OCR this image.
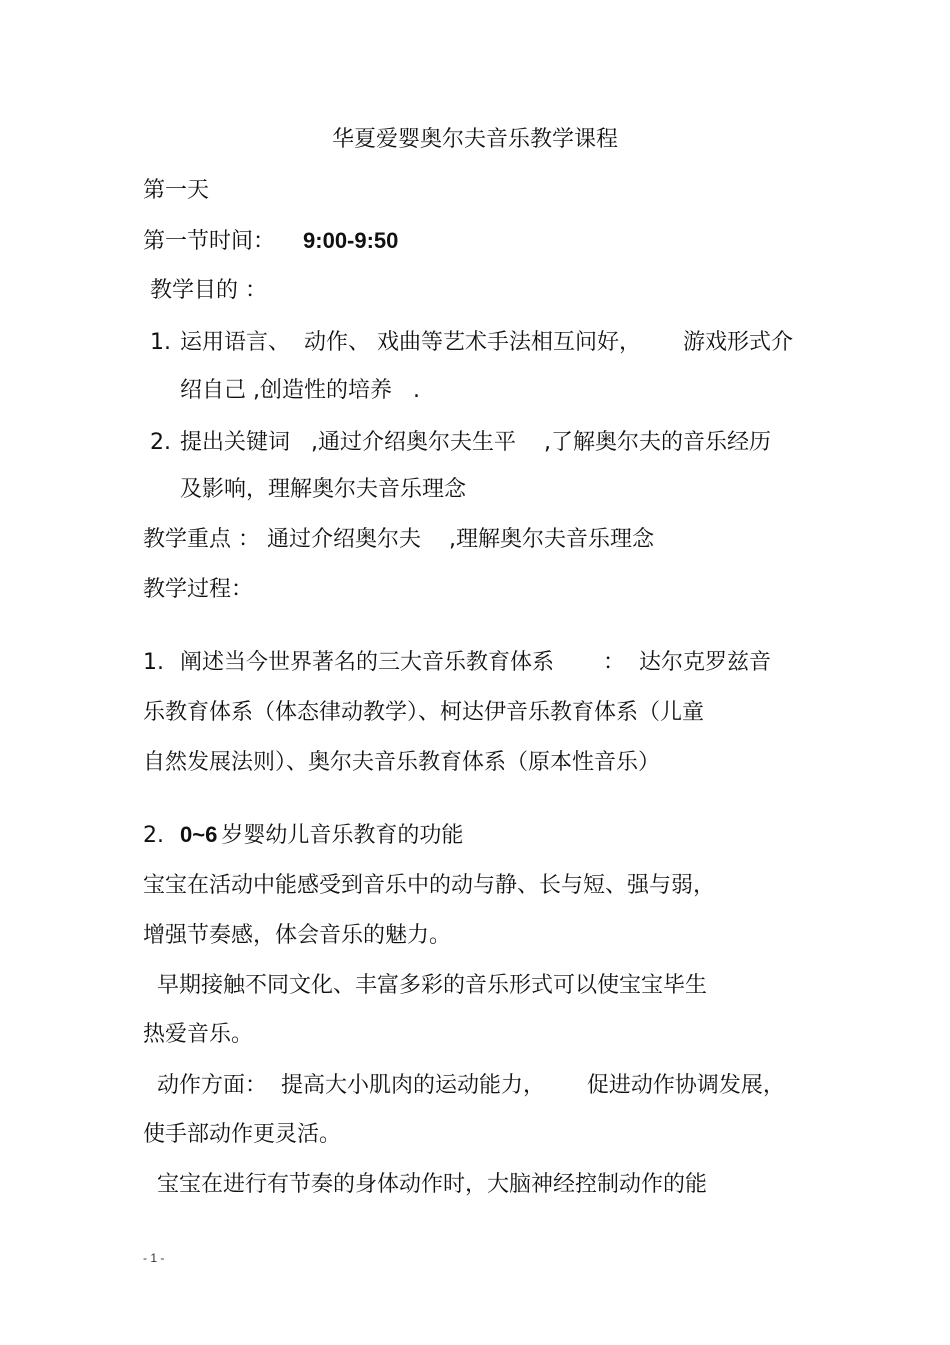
华夏爱婴奥尔夫音乐教学课程
第一天
第一节时间： 9:00-9:50
教学目的 ：
1. 运用语言、  动作、 戏曲等艺术手法相互问好，      游戏形式介
绍自己 ,创造性的培养   .
2. 提出关键词   ,通过介绍奥尔夫生平    ,了解奥尔夫的音乐经历
及影响，理解奥尔夫音乐理念
教学重点 ： 通过介绍奥尔夫    ,理解奥尔夫音乐理念
教学过程：
1. 阐述当今世界著名的三大音乐教育体系       ：  达尔克罗兹音
乐教育体系（体态律动教学）、柯达伊音乐教育体系（儿童
自然发展法则）、奥尔夫音乐教育体系（原本性音乐）
2. 0~6 岁婴幼儿音乐教育的功能
宝宝在活动中能感受到音乐中的动与静、长与短、强与弱，
增强节奏感，体会音乐的魅力。
早期接触不同文化、丰富多彩的音乐形式可以使宝宝毕生
热爱音乐。
动作方面：  提高大小肌肉的运动能力，      促进动作协调发展，
使手部动作更灵活。
宝宝在进行有节奏的身体动作时，大脑神经控制动作的能
- 1 -
